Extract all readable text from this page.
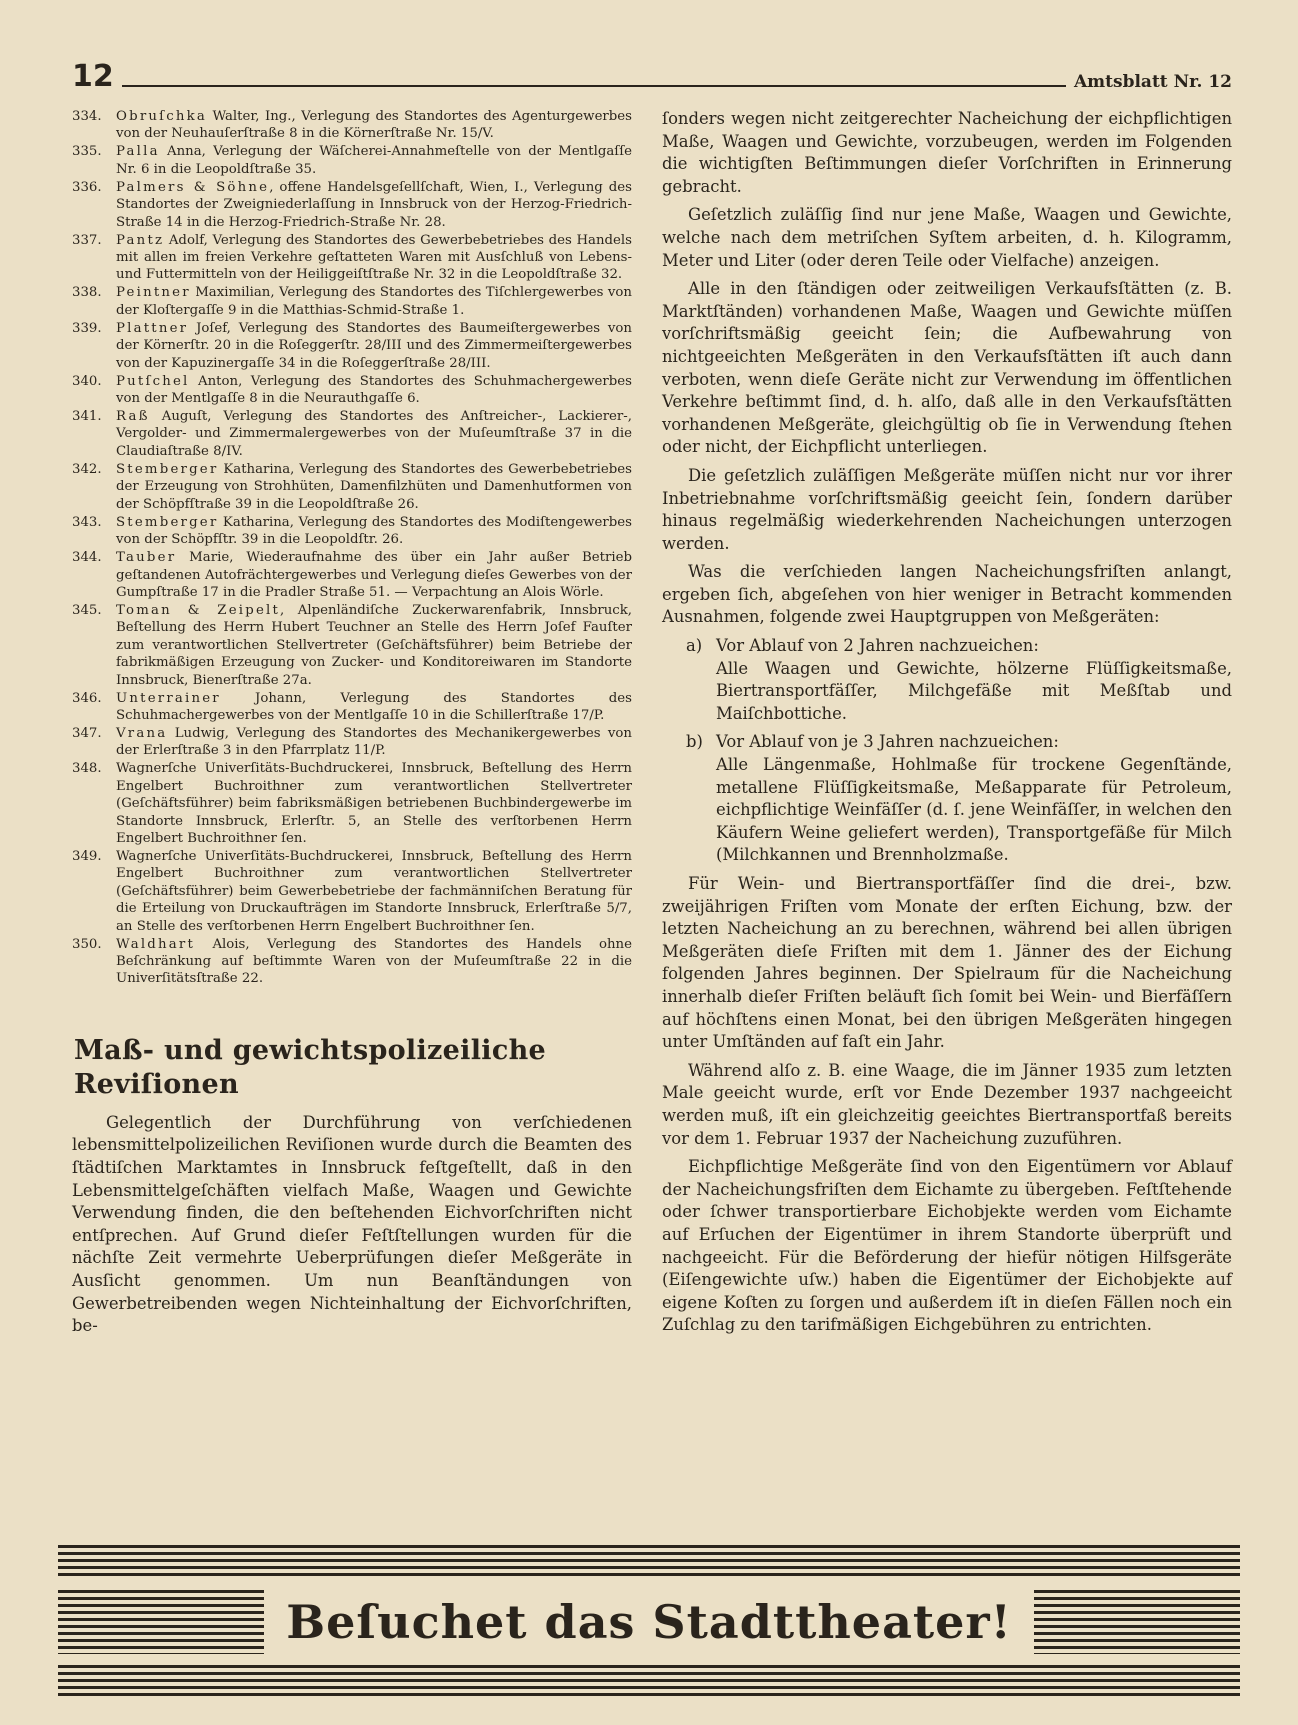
12	Amtsblatt Nr. 12
334.	Obruſchka Walter, Ing., Verlegung des Standortes des Agenturgewerbes von der Neuhauſerſtraße 8 in die Körnerſtraße Nr. 15/V.
335.	Palla Anna, Verlegung der Wäſcherei-Annahmeſtelle von der Mentlgaſſe Nr. 6 in die Leopoldſtraße 35.
336.	Palmers & Söhne, offene Handelsgeſellſchaft, Wien, I., Verlegung des Standortes der Zweigniederlaſſung in Innsbruck von der Herzog-Friedrich-Straße 14 in die Herzog-Friedrich-Straße Nr. 28.
337.	Pantz Adolf, Verlegung des Standortes des Gewerbebetriebes des Handels mit allen im freien Verkehre geſtatteten Waren mit Ausſchluß von Lebens- und Futtermitteln von der Heiliggeiſtſtraße Nr. 32 in die Leopoldſtraße 32.
338.	Peintner Maximilian, Verlegung des Standortes des Tiſchlergewerbes von der Kloſtergaſſe 9 in die Matthias-Schmid-Straße 1.
339.	Plattner Joſef, Verlegung des Standortes des Baumeiſtergewerbes von der Körnerſtr. 20 in die Roſeggerſtr. 28/III und des Zimmermeiſtergewerbes von der Kapuzinergaſſe 34 in die Roſeggerſtraße 28/III.
340.	Putſchel Anton, Verlegung des Standortes des Schuhmachergewerbes von der Mentlgaſſe 8 in die Neurauthgaſſe 6.
341.	Raß Auguſt, Verlegung des Standortes des Anſtreicher-, Lackierer-, Vergolder- und Zimmermalergewerbes von der Muſeumſtraße 37 in die Claudiaſtraße 8/IV.
342.	Stemberger Katharina, Verlegung des Standortes des Gewerbebetriebes der Erzeugung von Strohhüten, Damenfilzhüten und Damenhutformen von der Schöpfſtraße 39 in die Leopoldſtraße 26.
343.	Stemberger Katharina, Verlegung des Standortes des Modiſtengewerbes von der Schöpfſtr. 39 in die Leopoldſtr. 26.
344.	Tauber Marie, Wiederaufnahme des über ein Jahr außer Betrieb geſtandenen Autofrächtergewerbes und Verlegung dieſes Gewerbes von der Gumpſtraße 17 in die Pradler Straße 51. — Verpachtung an Alois Wörle.
345.	Toman & Zeipelt, Alpenländiſche Zuckerwarenfabrik, Innsbruck, Beſtellung des Herrn Hubert Teuchner an Stelle des Herrn Joſef Fauſter zum verantwortlichen Stellvertreter (Geſchäftsführer) beim Betriebe der fabrikmäßigen Erzeugung von Zucker- und Konditoreiwaren im Standorte Innsbruck, Bienerſtraße 27a.
346.	Unterrainer Johann, Verlegung des Standortes des Schuhmachergewerbes von der Mentlgaſſe 10 in die Schillerſtraße 17/P.
347.	Vrana Ludwig, Verlegung des Standortes des Mechanikergewerbes von der Erlerſtraße 3 in den Pfarrplatz 11/P.
348.	Wagnerſche Univerſitäts-Buchdruckerei, Innsbruck, Beſtellung des Herrn Engelbert Buchroithner zum verantwortlichen Stellvertreter (Geſchäftsführer) beim fabriksmäßigen betriebenen Buchbindergewerbe im Standorte Innsbruck, Erlerſtr. 5, an Stelle des verſtorbenen Herrn Engelbert Buchroithner ſen.
349.	Wagnerſche Univerſitäts-Buchdruckerei, Innsbruck, Beſtellung des Herrn Engelbert Buchroithner zum verantwortlichen Stellvertreter (Geſchäftsführer) beim Gewerbebetriebe der fachmänniſchen Beratung für die Erteilung von Druckaufträgen im Standorte Innsbruck, Erlerſtraße 5/7, an Stelle des verſtorbenen Herrn Engelbert Buchroithner ſen.
350.	Waldhart Alois, Verlegung des Standortes des Handels ohne Beſchränkung auf beſtimmte Waren von der Muſeumſtraße 22 in die Univerſitätsſtraße 22.
Maß- und gewichtspolizeiliche Reviſionen

Gelegentlich der Durchführung von verſchiedenen lebensmittelpolizeilichen Reviſionen wurde durch die Beamten des ſtädtiſchen Marktamtes in Innsbruck feſtgeſtellt, daß in den Lebensmittelgeſchäften vielfach Maße, Waagen und Gewichte Verwendung finden, die den beſtehenden Eichvorſchriften nicht entſprechen. Auf Grund dieſer Feſtſtellungen wurden für die nächſte Zeit vermehrte Ueberprüfungen dieſer Meßgeräte in Ausſicht genommen. Um nun Beanſtändungen von Gewerbetreibenden wegen Nichteinhaltung der Eichvorſchriften, be-

ſonders wegen nicht zeitgerechter Nacheichung der eichpflichtigen Maße, Waagen und Gewichte, vorzubeugen, werden im Folgenden die wichtigſten Beſtimmungen dieſer Vorſchriften in Erinnerung gebracht.

Geſetzlich zuläſſig ſind nur jene Maße, Waagen und Gewichte, welche nach dem metriſchen Syſtem arbeiten, d. h. Kilogramm, Meter und Liter (oder deren Teile oder Vielfache) anzeigen.

Alle in den ſtändigen oder zeitweiligen Verkaufsſtätten (z. B. Marktſtänden) vorhandenen Maße, Waagen und Gewichte müſſen vorſchriftsmäßig geeicht ſein; die Aufbewahrung von nichtgeeichten Meßgeräten in den Verkaufsſtätten iſt auch dann verboten, wenn dieſe Geräte nicht zur Verwendung im öffentlichen Verkehre beſtimmt ſind, d. h. alſo, daß alle in den Verkaufsſtätten vorhandenen Meßgeräte, gleichgültig ob ſie in Verwendung ſtehen oder nicht, der Eichpflicht unterliegen.

Die geſetzlich zuläſſigen Meßgeräte müſſen nicht nur vor ihrer Inbetriebnahme vorſchriftsmäßig geeicht ſein, ſondern darüber hinaus regelmäßig wiederkehrenden Nacheichungen unterzogen werden.

Was die verſchieden langen Nacheichungsfriſten anlangt, ergeben ſich, abgeſehen von hier weniger in Betracht kommenden Ausnahmen, folgende zwei Hauptgruppen von Meßgeräten:

a) Vor Ablauf von 2 Jahren nachzueichen:
Alle Waagen und Gewichte, hölzerne Flüſſigkeitsmaße, Biertransportfäſſer, Milchgefäße mit Meßſtab und Maiſchbottiche.
b) Vor Ablauf von je 3 Jahren nachzueichen:
Alle Längenmaße, Hohlmaße für trockene Gegenſtände, metallene Flüſſigkeitsmaße, Meßapparate für Petroleum, eichpflichtige Weinfäſſer (d. ſ. jene Weinfäſſer, in welchen den Käufern Weine geliefert werden), Transportgefäße für Milch (Milchkannen und Brennholzmaße.

Für Wein- und Biertransportfäſſer ſind die drei-, bzw. zweijährigen Friſten vom Monate der erſten Eichung, bzw. der letzten Nacheichung an zu berechnen, während bei allen übrigen Meßgeräten dieſe Friſten mit dem 1. Jänner des der Eichung folgenden Jahres beginnen. Der Spielraum für die Nacheichung innerhalb dieſer Friſten beläuft ſich ſomit bei Wein- und Bierfäſſern auf höchſtens einen Monat, bei den übrigen Meßgeräten hingegen unter Umſtänden auf faſt ein Jahr.

Während alſo z. B. eine Waage, die im Jänner 1935 zum letzten Male geeicht wurde, erſt vor Ende Dezember 1937 nachgeeicht werden muß, iſt ein gleichzeitig geeichtes Biertransportfaß bereits vor dem 1. Februar 1937 der Nacheichung zuzuführen.

Eichpflichtige Meßgeräte ſind von den Eigentümern vor Ablauf der Nacheichungsfriſten dem Eichamte zu übergeben. Feſtſtehende oder ſchwer transportierbare Eichobjekte werden vom Eichamte auf Erſuchen der Eigentümer in ihrem Standorte überprüft und nachgeeicht. Für die Beförderung der hiefür nötigen Hilfsgeräte (Eiſengewichte uſw.) haben die Eigentümer der Eichobjekte auf eigene Koſten zu ſorgen und außerdem iſt in dieſen Fällen noch ein Zuſchlag zu den tarifmäßigen Eichgebühren zu entrichten.

Beſuchet das Stadttheater!
